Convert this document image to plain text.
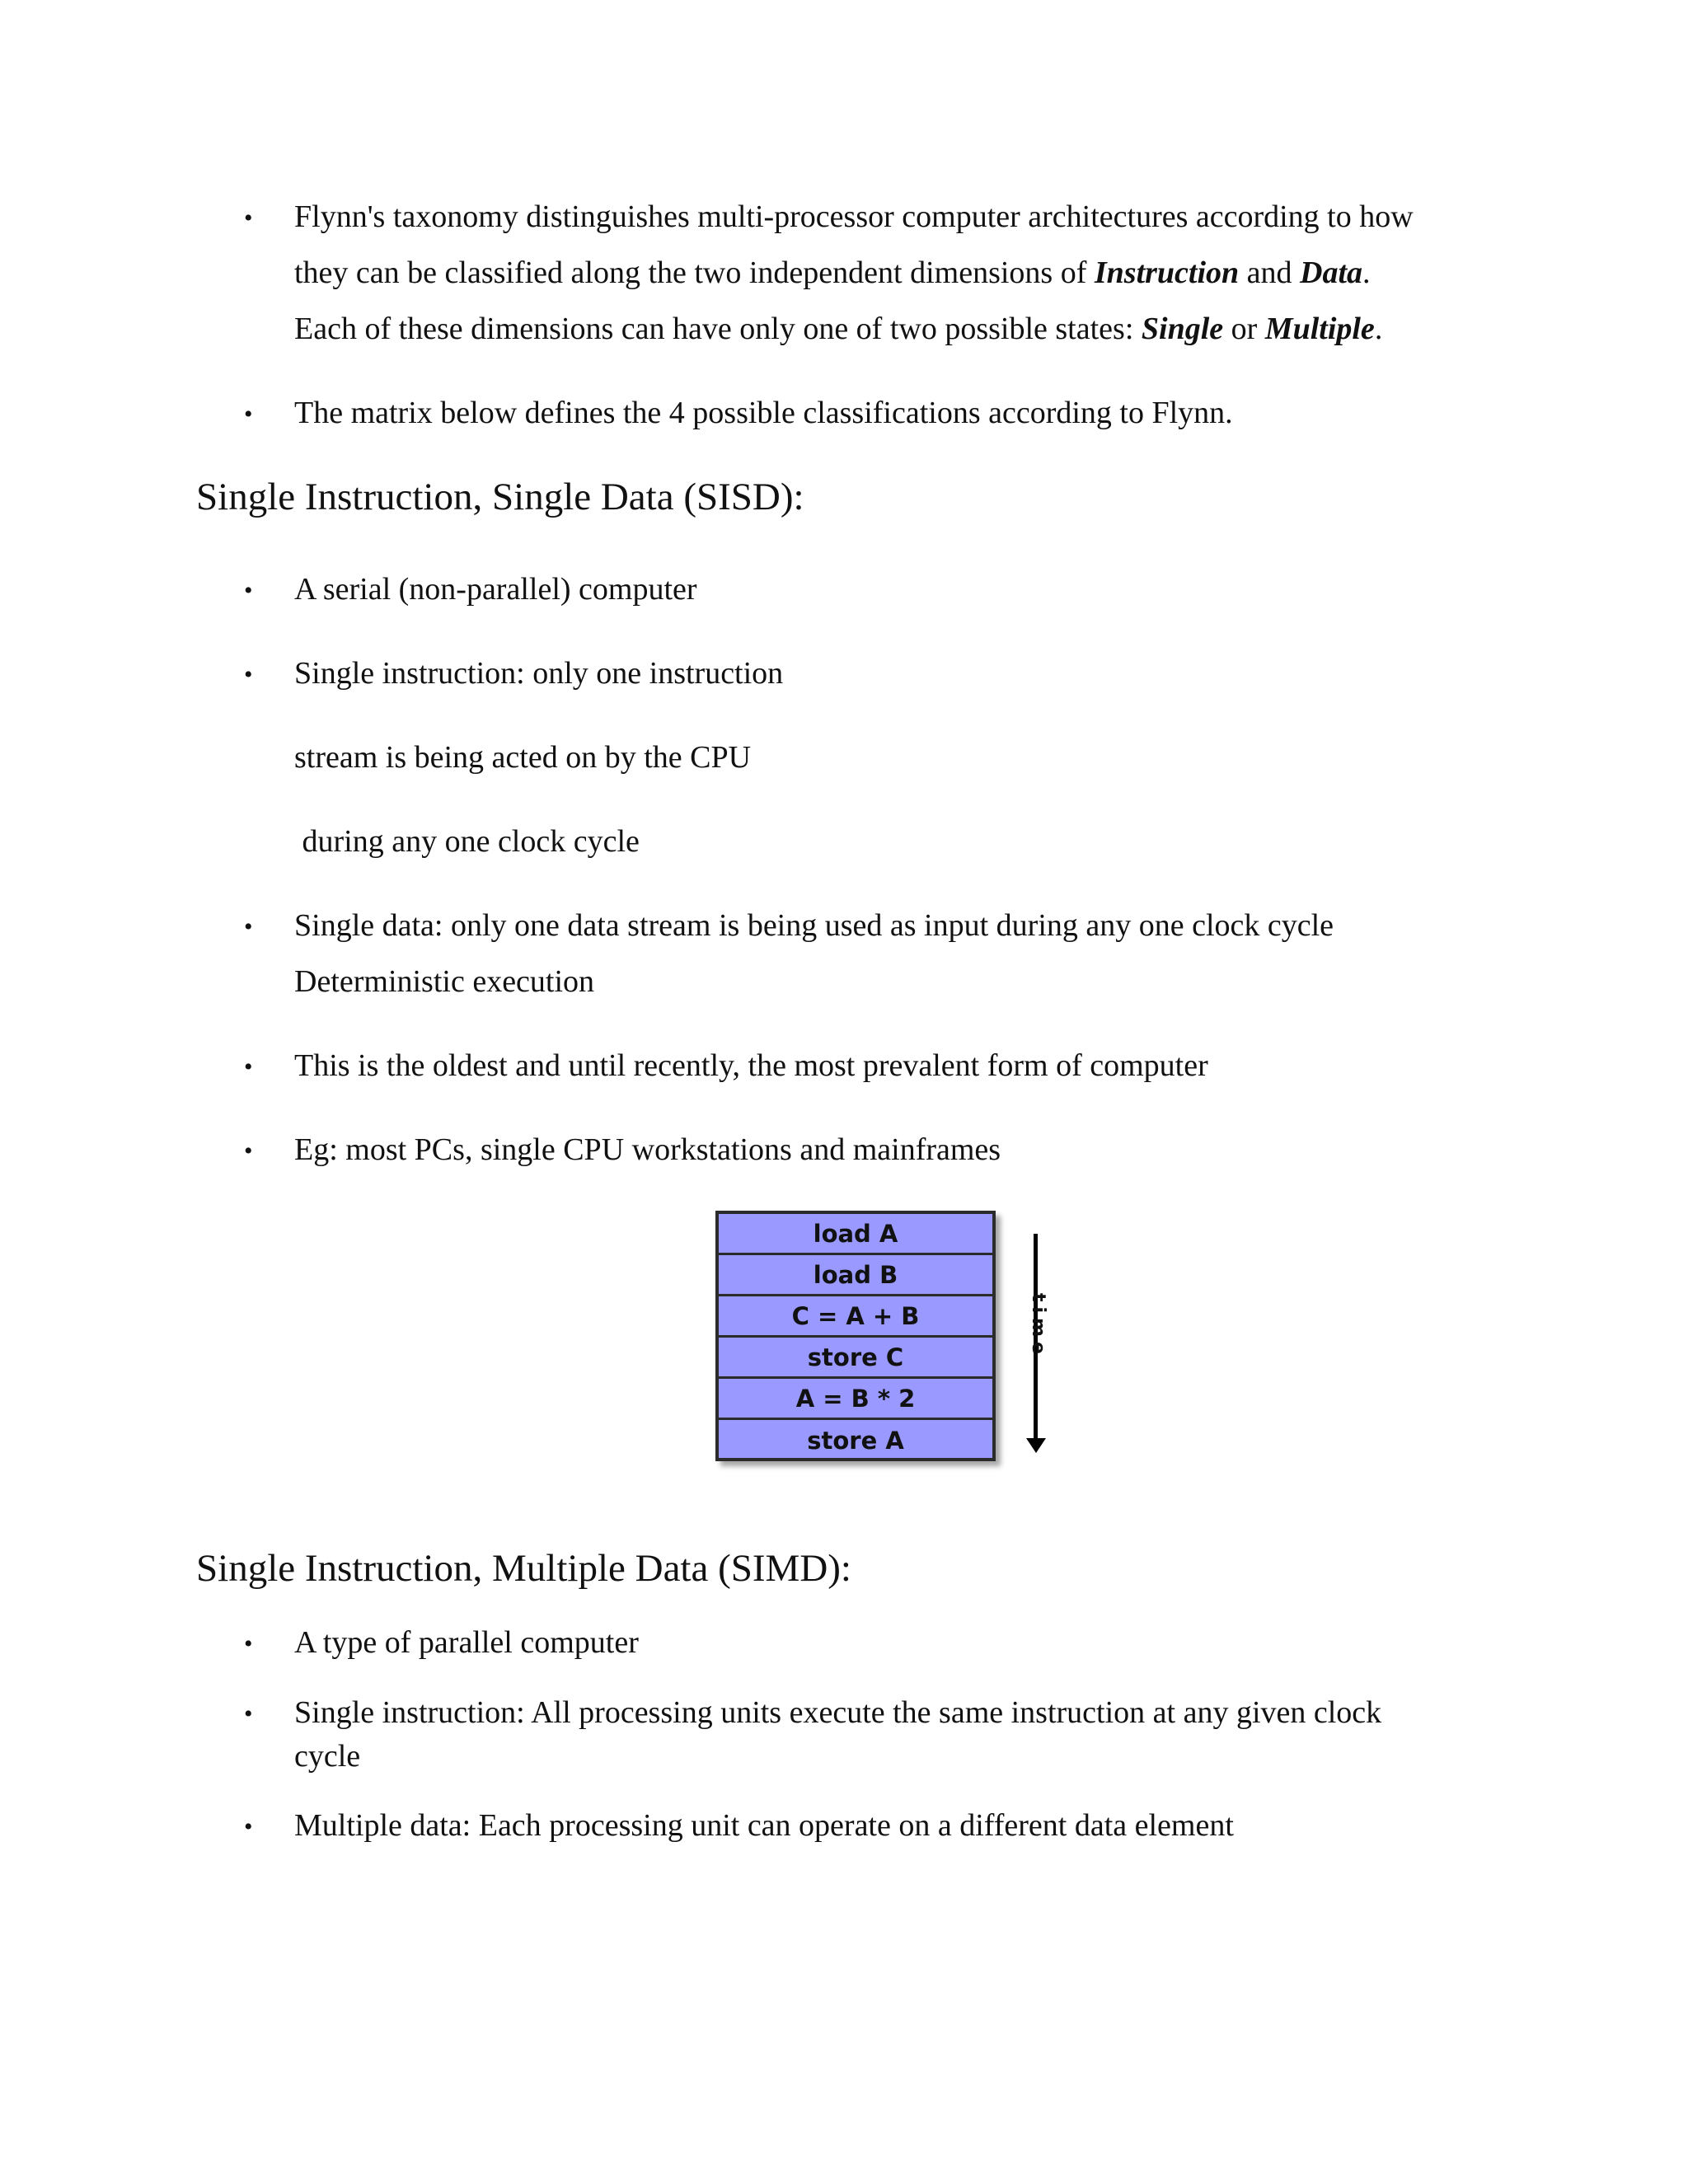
• Flynn's taxonomy distinguishes multi-processor computer architectures according to how
they can be classified along the two independent dimensions of Instruction and Data.
Each of these dimensions can have only one of two possible states: Single or Multiple.
• The matrix below defines the 4 possible classifications according to Flynn.
Single Instruction, Single Data (SISD):
• A serial (non-parallel) computer
• Single instruction: only one instruction
stream is being acted on by the CPU
during any one clock cycle
• Single data: only one data stream is being used as input during any one clock cycle
Deterministic execution
• This is the oldest and until recently, the most prevalent form of computer
• Eg: most PCs, single CPU workstations and mainframes
load A
load B
C = A + B
store C
A = B * 2
store A
time
Single Instruction, Multiple Data (SIMD):
• A type of parallel computer
• Single instruction: All processing units execute the same instruction at any given clock
cycle
• Multiple data: Each processing unit can operate on a different data element
